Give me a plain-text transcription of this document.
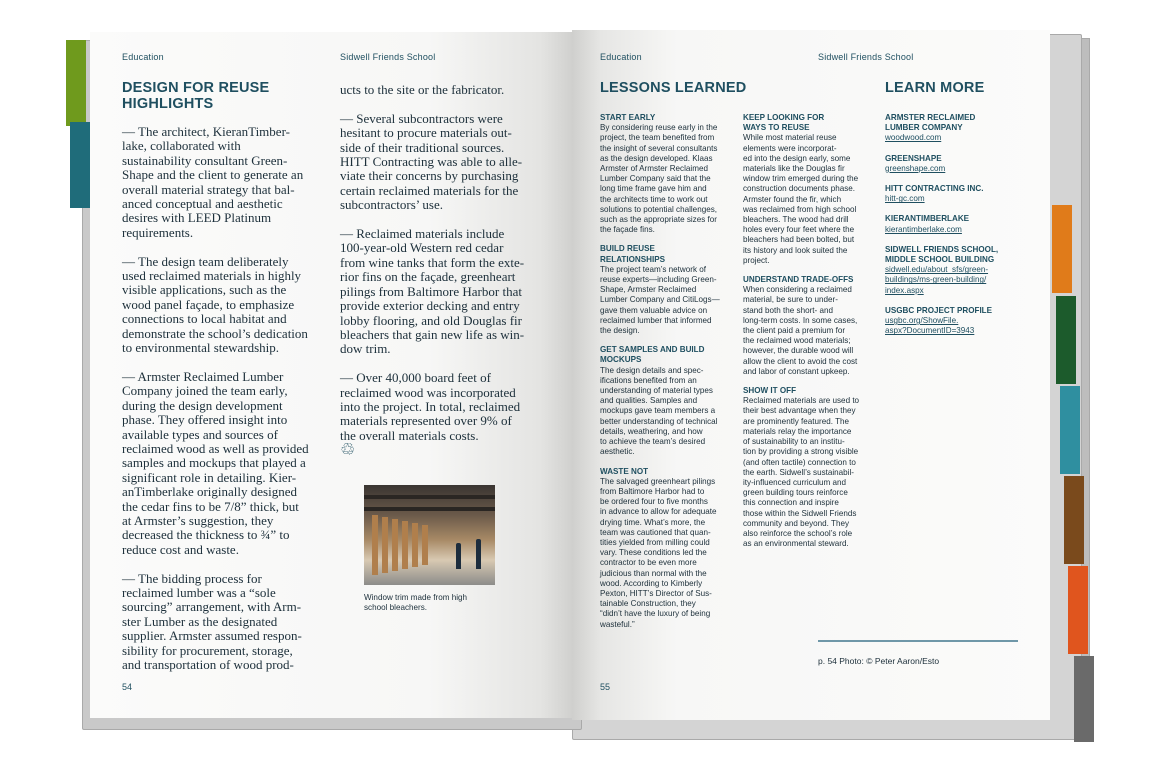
Education	Sidwell Friends School
DESIGN FOR REUSE
HIGHLIGHTS
— The architect, KieranTimber-
lake, collaborated with
sustainability consultant Green-
Shape and the client to generate an
overall material strategy that bal-
anced conceptual and aesthetic
desires with LEED Platinum
requirements.

— The design team deliberately
used reclaimed materials in highly
visible applications, such as the
wood panel façade, to emphasize
connections to local habitat and
demonstrate the school’s dedication
to environmental stewardship.

— Armster Reclaimed Lumber
Company joined the team early,
during the design development
phase. They offered insight into
available types and sources of
reclaimed wood as well as provided
samples and mockups that played a
significant role in detailing. Kier-
anTimberlake originally designed
the cedar fins to be 7/8” thick, but
at Armster’s suggestion, they
decreased the thickness to ¾” to
reduce cost and waste.

— The bidding process for
reclaimed lumber was a “sole
sourcing” arrangement, with Arm-
ster Lumber as the designated
supplier. Armster assumed respon-
sibility for procurement, storage,
and transportation of wood prod-
ucts to the site or the fabricator.

— Several subcontractors were
hesitant to procure materials out-
side of their traditional sources.
HITT Contracting was able to alle-
viate their concerns by purchasing
certain reclaimed materials for the
subcontractors’ use.

— Reclaimed materials include
100-year-old Western red cedar
from wine tanks that form the exte-
rior fins on the façade, greenheart
pilings from Baltimore Harbor that
provide exterior decking and entry
lobby flooring, and old Douglas fir
bleachers that gain new life as win-
dow trim.

— Over 40,000 board feet of
reclaimed wood was incorporated
into the project. In total, reclaimed
materials represented over 9% of
the overall materials costs.
♲
Window trim made from high
school bleachers.
54
Education	Sidwell Friends School
LESSONS LEARNED	LEARN MORE
START EARLY
By considering reuse early in the
project, the team benefited from
the insight of several consultants
as the design developed. Klaas
Armster of Armster Reclaimed
Lumber Company said that the
long time frame gave him and
the architects time to work out
solutions to potential challenges,
such as the appropriate sizes for
the façade fins.
BUILD REUSE
RELATIONSHIPS
The project team’s network of
reuse experts—including Green-
Shape, Armster Reclaimed
Lumber Company and CitiLogs—
gave them valuable advice on
reclaimed lumber that informed
the design.
GET SAMPLES AND BUILD
MOCKUPS
The design details and spec-
ifications benefited from an
understanding of material types
and qualities. Samples and
mockups gave team members a
better understanding of technical
details, weathering, and how
to achieve the team’s desired
aesthetic.
WASTE NOT
The salvaged greenheart pilings
from Baltimore Harbor had to
be ordered four to five months
in advance to allow for adequate
drying time. What’s more, the
team was cautioned that quan-
tities yielded from milling could
vary. These conditions led the
contractor to be even more
judicious than normal with the
wood. According to Kimberly
Pexton, HITT’s Director of Sus-
tainable Construction, they
“didn’t have the luxury of being
wasteful.”
KEEP LOOKING FOR
WAYS TO REUSE
While most material reuse
elements were incorporat-
ed into the design early, some
materials like the Douglas fir
window trim emerged during the
construction documents phase.
Armster found the fir, which
was reclaimed from high school
bleachers. The wood had drill
holes every four feet where the
bleachers had been bolted, but
its history and look suited the
project.
UNDERSTAND TRADE-OFFS
When considering a reclaimed
material, be sure to under-
stand both the short- and
long-term costs. In some cases,
the client paid a premium for
the reclaimed wood materials;
however, the durable wood will
allow the client to avoid the cost
and labor of constant upkeep.
SHOW IT OFF
Reclaimed materials are used to
their best advantage when they
are prominently featured. The
materials relay the importance
of sustainability to an institu-
tion by providing a strong visible
(and often tactile) connection to
the earth. Sidwell’s sustainabil-
ity-influenced curriculum and
green building tours reinforce
this connection and inspire
those within the Sidwell Friends
community and beyond. They
also reinforce the school’s role
as an environmental steward.
ARMSTER RECLAIMED
LUMBER COMPANY
woodwood.com
GREENSHAPE
greenshape.com
HITT CONTRACTING INC.
hitt-gc.com
KIERANTIMBERLAKE
kierantimberlake.com
SIDWELL FRIENDS SCHOOL,
MIDDLE SCHOOL BUILDING
sidwell.edu/about_sfs/green-
buildings/ms-green-building/
index.aspx
USGBC PROJECT PROFILE
usgbc.org/ShowFile.
aspx?DocumentID=3943
p. 54 Photo: © Peter Aaron/Esto
55
